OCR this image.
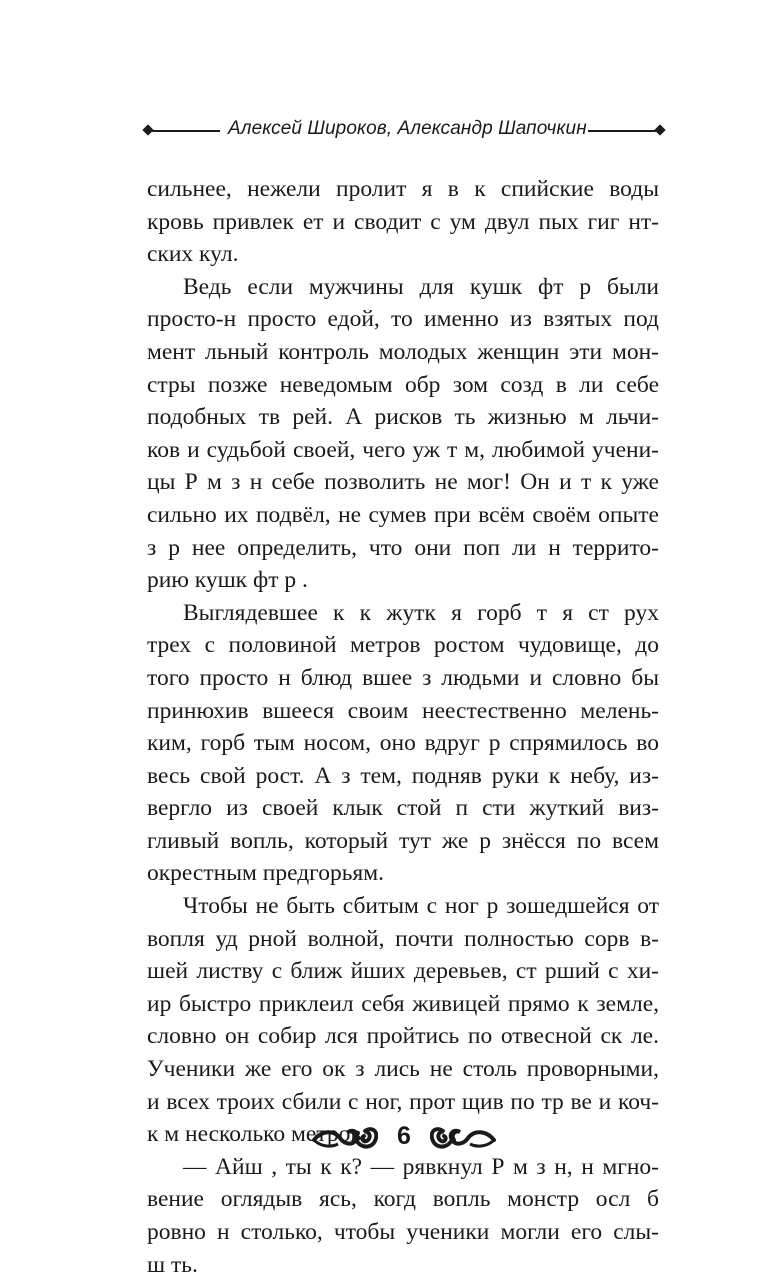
Алексей Широков, Александр Шапочкин
сильнее, нежели пролит я в к спийские воды
кровь привлек ет и сводит с ум двул пых гиг нт-
ских кул.
Ведь если мужчины для кушк фт р были
просто-н просто едой, то именно из взятых под
мент льный контроль молодых женщин эти мон-
стры позже неведомым обр зом созд в ли себе
подобных тв рей. А рисков ть жизнью м льчи-
ков и судьбой своей, чего уж т м, любимой учени-
цы Р м з н себе позволить не мог! Он и т к уже
сильно их подвёл, не сумев при всём своём опыте
з р нее определить, что они поп ли н террито-
рию кушк фт р .
Выглядевшее к к жутк я горб т я ст рух
трех с половиной метров ростом чудовище, до
того просто н блюд вшее з людьми и словно бы
принюхив вшееся своим неестественно мелень-
ким, горб тым носом, оно вдруг р спрямилось во
весь свой рост. А з тем, подняв руки к небу, из-
вергло из своей клык стой п сти жуткий виз-
гливый вопль, который тут же р знёсся по всем
окрестным предгорьям.
Чтобы не быть сбитым с ног р зошедшейся от
вопля уд рной волной, почти полностью сорв в-
шей листву с ближ йших деревьев, ст рший с хи-
ир быстро приклеил себя живицей прямо к земле,
словно он собир лся пройтись по отвесной ск ле.
Ученики же его ок з лись не столь проворными,
и всех троих сбили с ног, прот щив по тр ве и коч-
к м несколько метров.
— Айш , ты к к? — рявкнул Р м з н, н мгно-
вение оглядыв ясь, когд вопль монстр осл б
ровно н столько, чтобы ученики могли его слы-
ш ть.
6
